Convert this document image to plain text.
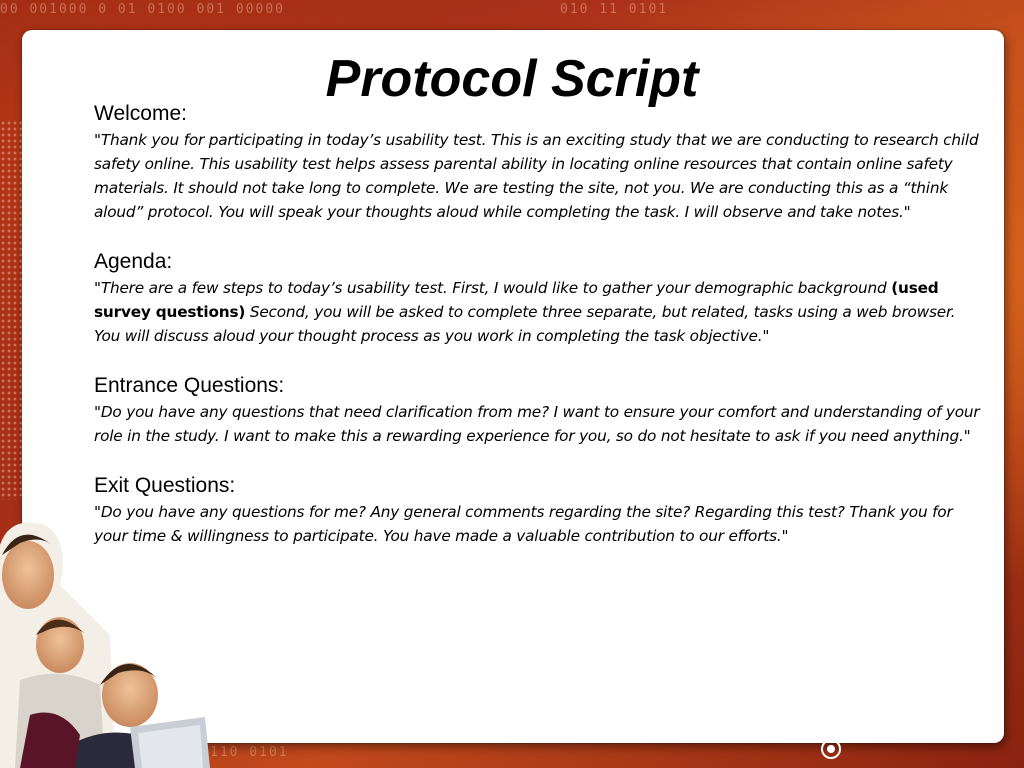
00 001000 0 01 0100 001 00000	010 11 0101
110 0101
Protocol Script

Welcome:

"Thank you for participating in today’s usability test. This is an exciting study that we are conducting to research child safety online. This usability test helps assess parental ability in locating online resources that contain online safety materials. It should not take long to complete. We are testing the site, not you. We are conducting this as a “think aloud” protocol. You will speak your thoughts aloud while completing the task. I will observe and take notes."

Agenda:

"There are a few steps to today’s usability test. First, I would like to gather your demographic background (used survey questions) Second, you will be asked to complete three separate, but related, tasks using a web browser. You will discuss aloud your thought process as you work in completing the task objective."

Entrance Questions:

"Do you have any questions that need clarification from me? I want to ensure your comfort and understanding of your role in the study. I want to make this a rewarding experience for you, so do not hesitate to ask if you need anything."

Exit Questions:

"Do you have any questions for me? Any general comments regarding the site? Regarding this test? Thank you for your time & willingness to participate. You have made a valuable contribution to our efforts."
